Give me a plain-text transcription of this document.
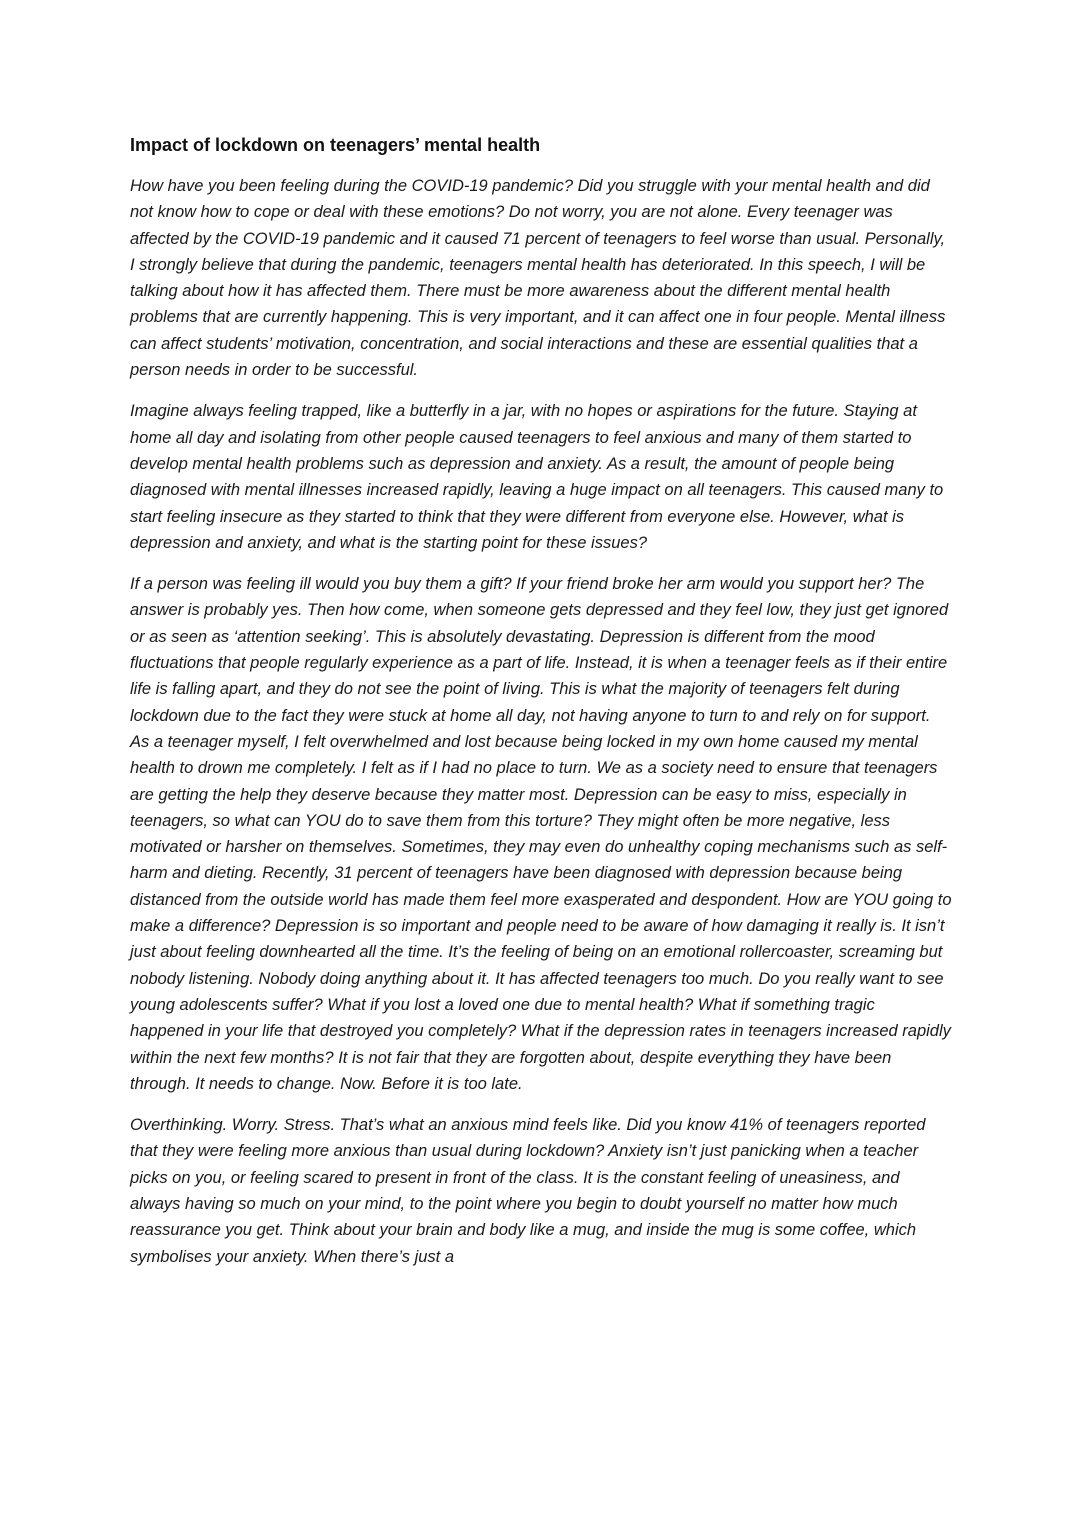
Impact of lockdown on teenagers’ mental health

How have you been feeling during the COVID-19 pandemic? Did you struggle with your mental health and did not know how to cope or deal with these emotions? Do not worry, you are not alone. Every teenager was affected by the COVID-19 pandemic and it caused 71 percent of teenagers to feel worse than usual. Personally, I strongly believe that during the pandemic, teenagers mental health has deteriorated. In this speech, I will be talking about how it has affected them. There must be more awareness about the different mental health problems that are currently happening. This is very important, and it can affect one in four people. Mental illness can affect students’ motivation, concentration, and social interactions and these are essential qualities that a person needs in order to be successful.

Imagine always feeling trapped, like a butterfly in a jar, with no hopes or aspirations for the future. Staying at home all day and isolating from other people caused teenagers to feel anxious and many of them started to develop mental health problems such as depression and anxiety. As a result, the amount of people being diagnosed with mental illnesses increased rapidly, leaving a huge impact on all teenagers. This caused many to start feeling insecure as they started to think that they were different from everyone else. However, what is depression and anxiety, and what is the starting point for these issues?

If a person was feeling ill would you buy them a gift? If your friend broke her arm would you support her? The answer is probably yes. Then how come, when someone gets depressed and they feel low, they just get ignored or as seen as ‘attention seeking’. This is absolutely devastating. Depression is different from the mood fluctuations that people regularly experience as a part of life. Instead, it is when a teenager feels as if their entire life is falling apart, and they do not see the point of living. This is what the majority of teenagers felt during lockdown due to the fact they were stuck at home all day, not having anyone to turn to and rely on for support. As a teenager myself, I felt overwhelmed and lost because being locked in my own home caused my mental health to drown me completely. I felt as if I had no place to turn. We as a society need to ensure that teenagers are getting the help they deserve because they matter most. Depression can be easy to miss, especially in teenagers, so what can YOU do to save them from this torture? They might often be more negative, less motivated or harsher on themselves. Sometimes, they may even do unhealthy coping mechanisms such as self-harm and dieting. Recently, 31 percent of teenagers have been diagnosed with depression because being distanced from the outside world has made them feel more exasperated and despondent. How are YOU going to make a difference? Depression is so important and people need to be aware of how damaging it really is. It isn’t just about feeling downhearted all the time. It’s the feeling of being on an emotional rollercoaster, screaming but nobody listening. Nobody doing anything about it. It has affected teenagers too much. Do you really want to see young adolescents suffer? What if you lost a loved one due to mental health? What if something tragic happened in your life that destroyed you completely? What if the depression rates in teenagers increased rapidly within the next few months? It is not fair that they are forgotten about, despite everything they have been through. It needs to change. Now. Before it is too late.

Overthinking. Worry. Stress. That’s what an anxious mind feels like. Did you know 41% of teenagers reported that they were feeling more anxious than usual during lockdown? Anxiety isn’t just panicking when a teacher picks on you, or feeling scared to present in front of the class. It is the constant feeling of uneasiness, and always having so much on your mind, to the point where you begin to doubt yourself no matter how much reassurance you get. Think about your brain and body like a mug, and inside the mug is some coffee, which symbolises your anxiety. When there’s just a
